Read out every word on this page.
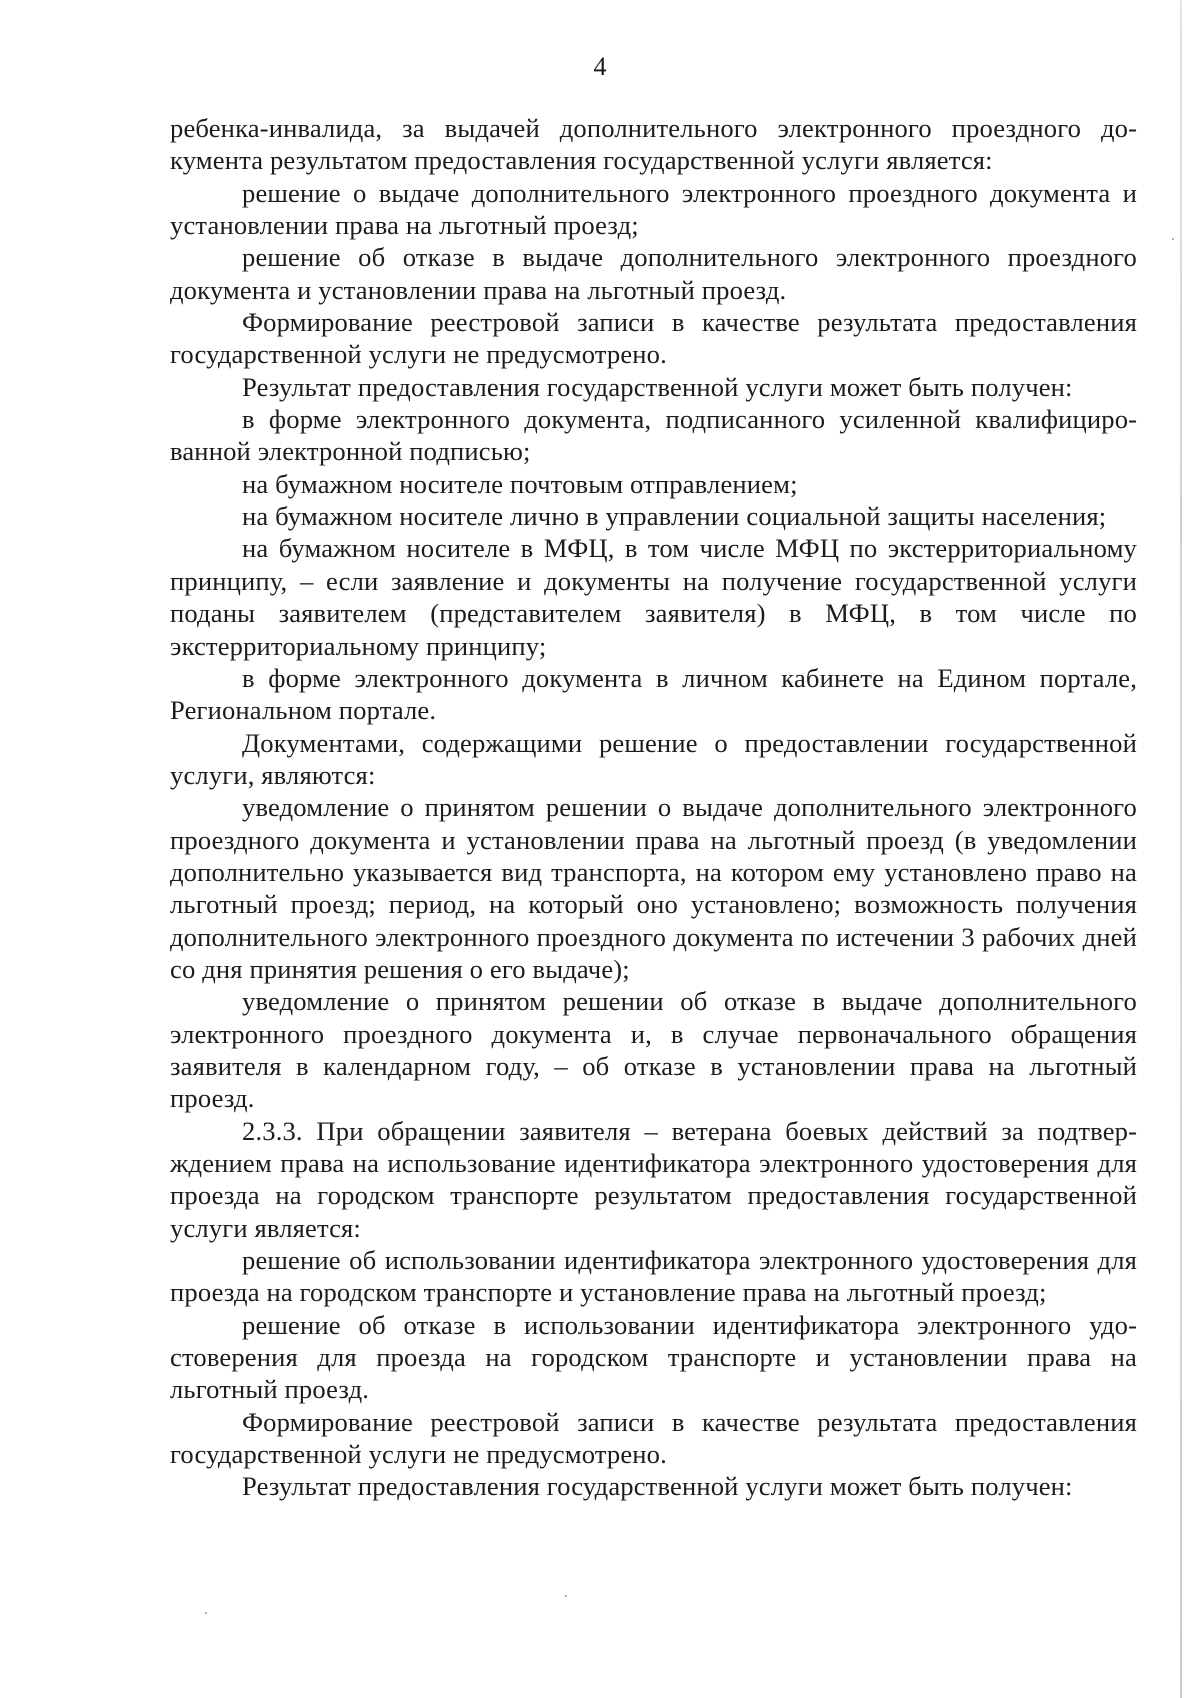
4

ребенка-инвалида, за выдачей дополнительного электронного проездного документа результатом предоставления государственной услуги является:

решение о выдаче дополнительного электронного проездного документа и установлении права на льготный проезд;

решение об отказе в выдаче дополнительного электронного проездного документа и установлении права на льготный проезд.

Формирование реестровой записи в качестве результата предоставления государственной услуги не предусмотрено.

Результат предоставления государственной услуги может быть получен:

в форме электронного документа, подписанного усиленной квалифицированной электронной подписью;

на бумажном носителе почтовым отправлением;

на бумажном носителе лично в управлении социальной защиты населения;

на бумажном носителе в МФЦ, в том числе МФЦ по экстерриториальному принципу, – если заявление и документы на получение государственной услуги поданы заявителем (представителем заявителя) в МФЦ, в том числе по экстерриториальному принципу;

в форме электронного документа в личном кабинете на Едином портале, Региональном портале.

Документами, содержащими решение о предоставлении государственной услуги, являются:

уведомление о принятом решении о выдаче дополнительного электронного проездного документа и установлении права на льготный проезд (в уведомлении дополнительно указывается вид транспорта, на котором ему установлено право на льготный проезд; период, на который оно установлено; возможность получения дополнительного электронного проездного документа по истечении 3 рабочих дней со дня принятия решения о его выдаче);

уведомление о принятом решении об отказе в выдаче дополнительного электронного проездного документа и, в случае первоначального обращения заявителя в календарном году, – об отказе в установлении права на льготный проезд.

2.3.3. При обращении заявителя – ветерана боевых действий за подтверждением права на использование идентификатора электронного удостоверения для проезда на городском транспорте результатом предоставления государственной услуги является:

решение об использовании идентификатора электронного удостоверения для проезда на городском транспорте и установление права на льготный проезд;

решение об отказе в использовании идентификатора электронного удостоверения для проезда на городском транспорте и установлении права на льготный проезд.

Формирование реестровой записи в качестве результата предоставления государственной услуги не предусмотрено.

Результат предоставления государственной услуги может быть получен:
